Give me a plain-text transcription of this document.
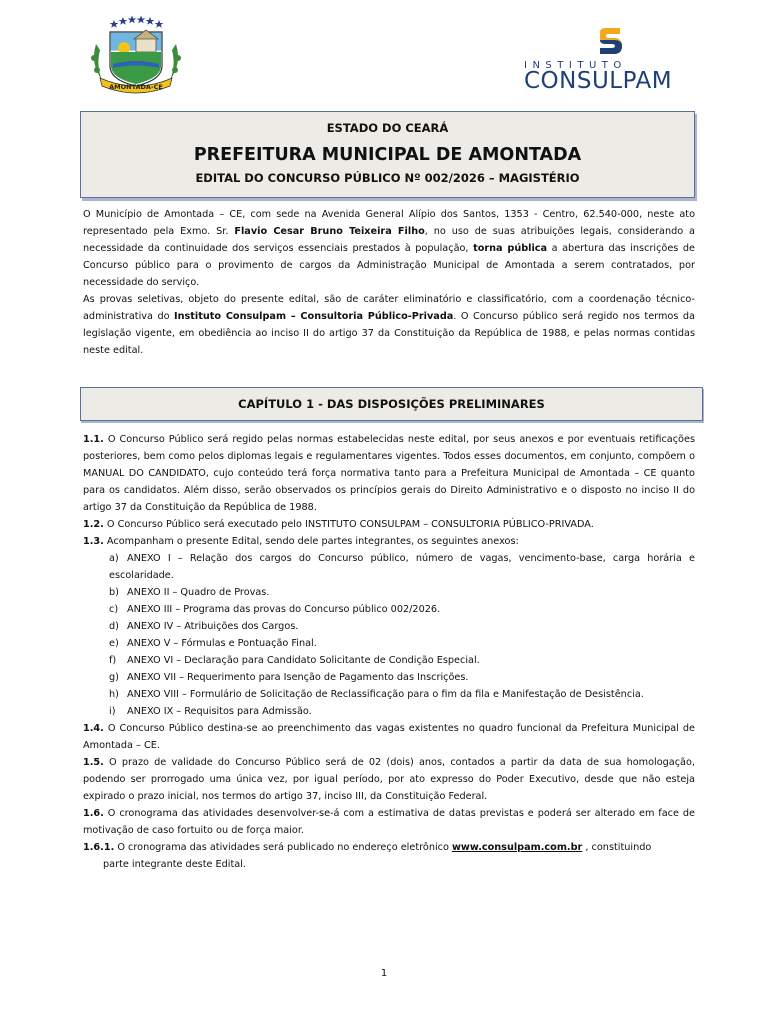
AMONTADA-CE
INSTITUTO
CONSULPAM
ESTADO DO CEARÁ
PREFEITURA MUNICIPAL DE AMONTADA
EDITAL DO CONCURSO PÚBLICO Nº 002/2026 – MAGISTÉRIO

O Município de Amontada – CE, com sede na Avenida General Alípio dos Santos, 1353 - Centro, 62.540-000, neste ato representado pela Exmo. Sr. Flavio Cesar Bruno Teixeira Filho, no uso de suas atribuições legais, considerando a necessidade da continuidade dos serviços essenciais prestados à população, torna pública a abertura das inscrições de Concurso público para o provimento de cargos da Administração Municipal de Amontada a serem contratados, por necessidade do serviço.

As provas seletivas, objeto do presente edital, são de caráter eliminatório e classificatório, com a coordenação técnico-administrativa do Instituto Consulpam – Consultoria Público-Privada. O Concurso público será regido nos termos da legislação vigente, em obediência ao inciso II do artigo 37 da Constituição da República de 1988, e pelas normas contidas neste edital.

CAPÍTULO 1 - DAS DISPOSIÇÕES PRELIMINARES

1.1. O Concurso Público será regido pelas normas estabelecidas neste edital, por seus anexos e por eventuais retificações posteriores, bem como pelos diplomas legais e regulamentares vigentes. Todos esses documentos, em conjunto, compõem o MANUAL DO CANDIDATO, cujo conteúdo terá força normativa tanto para a Prefeitura Municipal de Amontada – CE quanto para os candidatos. Além disso, serão observados os princípios gerais do Direito Administrativo e o disposto no inciso II do artigo 37 da Constituição da República de 1988.

1.2. O Concurso Público será executado pelo INSTITUTO CONSULPAM – CONSULTORIA PÚBLICO-PRIVADA.

1.3. Acompanham o presente Edital, sendo dele partes integrantes, os seguintes anexos:

a) ANEXO I – Relação dos cargos do Concurso público, número de vagas, vencimento-base, carga horária e escolaridade.

b) ANEXO II – Quadro de Provas.

c) ANEXO III – Programa das provas do Concurso público 002/2026.

d) ANEXO IV – Atribuições dos Cargos.

e) ANEXO V – Fórmulas e Pontuação Final.

f) ANEXO VI – Declaração para Candidato Solicitante de Condição Especial.

g) ANEXO VII – Requerimento para Isenção de Pagamento das Inscrições.

h) ANEXO VIII – Formulário de Solicitação de Reclassificação para o fim da fila e Manifestação de Desistência.

i) ANEXO IX – Requisitos para Admissão.

1.4. O Concurso Público destina-se ao preenchimento das vagas existentes no quadro funcional da Prefeitura Municipal de Amontada – CE.

1.5. O prazo de validade do Concurso Público será de 02 (dois) anos, contados a partir da data de sua homologação, podendo ser prorrogado uma única vez, por igual período, por ato expresso do Poder Executivo, desde que não esteja expirado o prazo inicial, nos termos do artigo 37, inciso III, da Constituição Federal.

1.6. O cronograma das atividades desenvolver-se-á com a estimativa de datas previstas e poderá ser alterado em face de motivação de caso fortuito ou de força maior.

1.6.1. O cronograma das atividades será publicado no endereço eletrônico www.consulpam.com.br , constituindo
parte integrante deste Edital.

1
